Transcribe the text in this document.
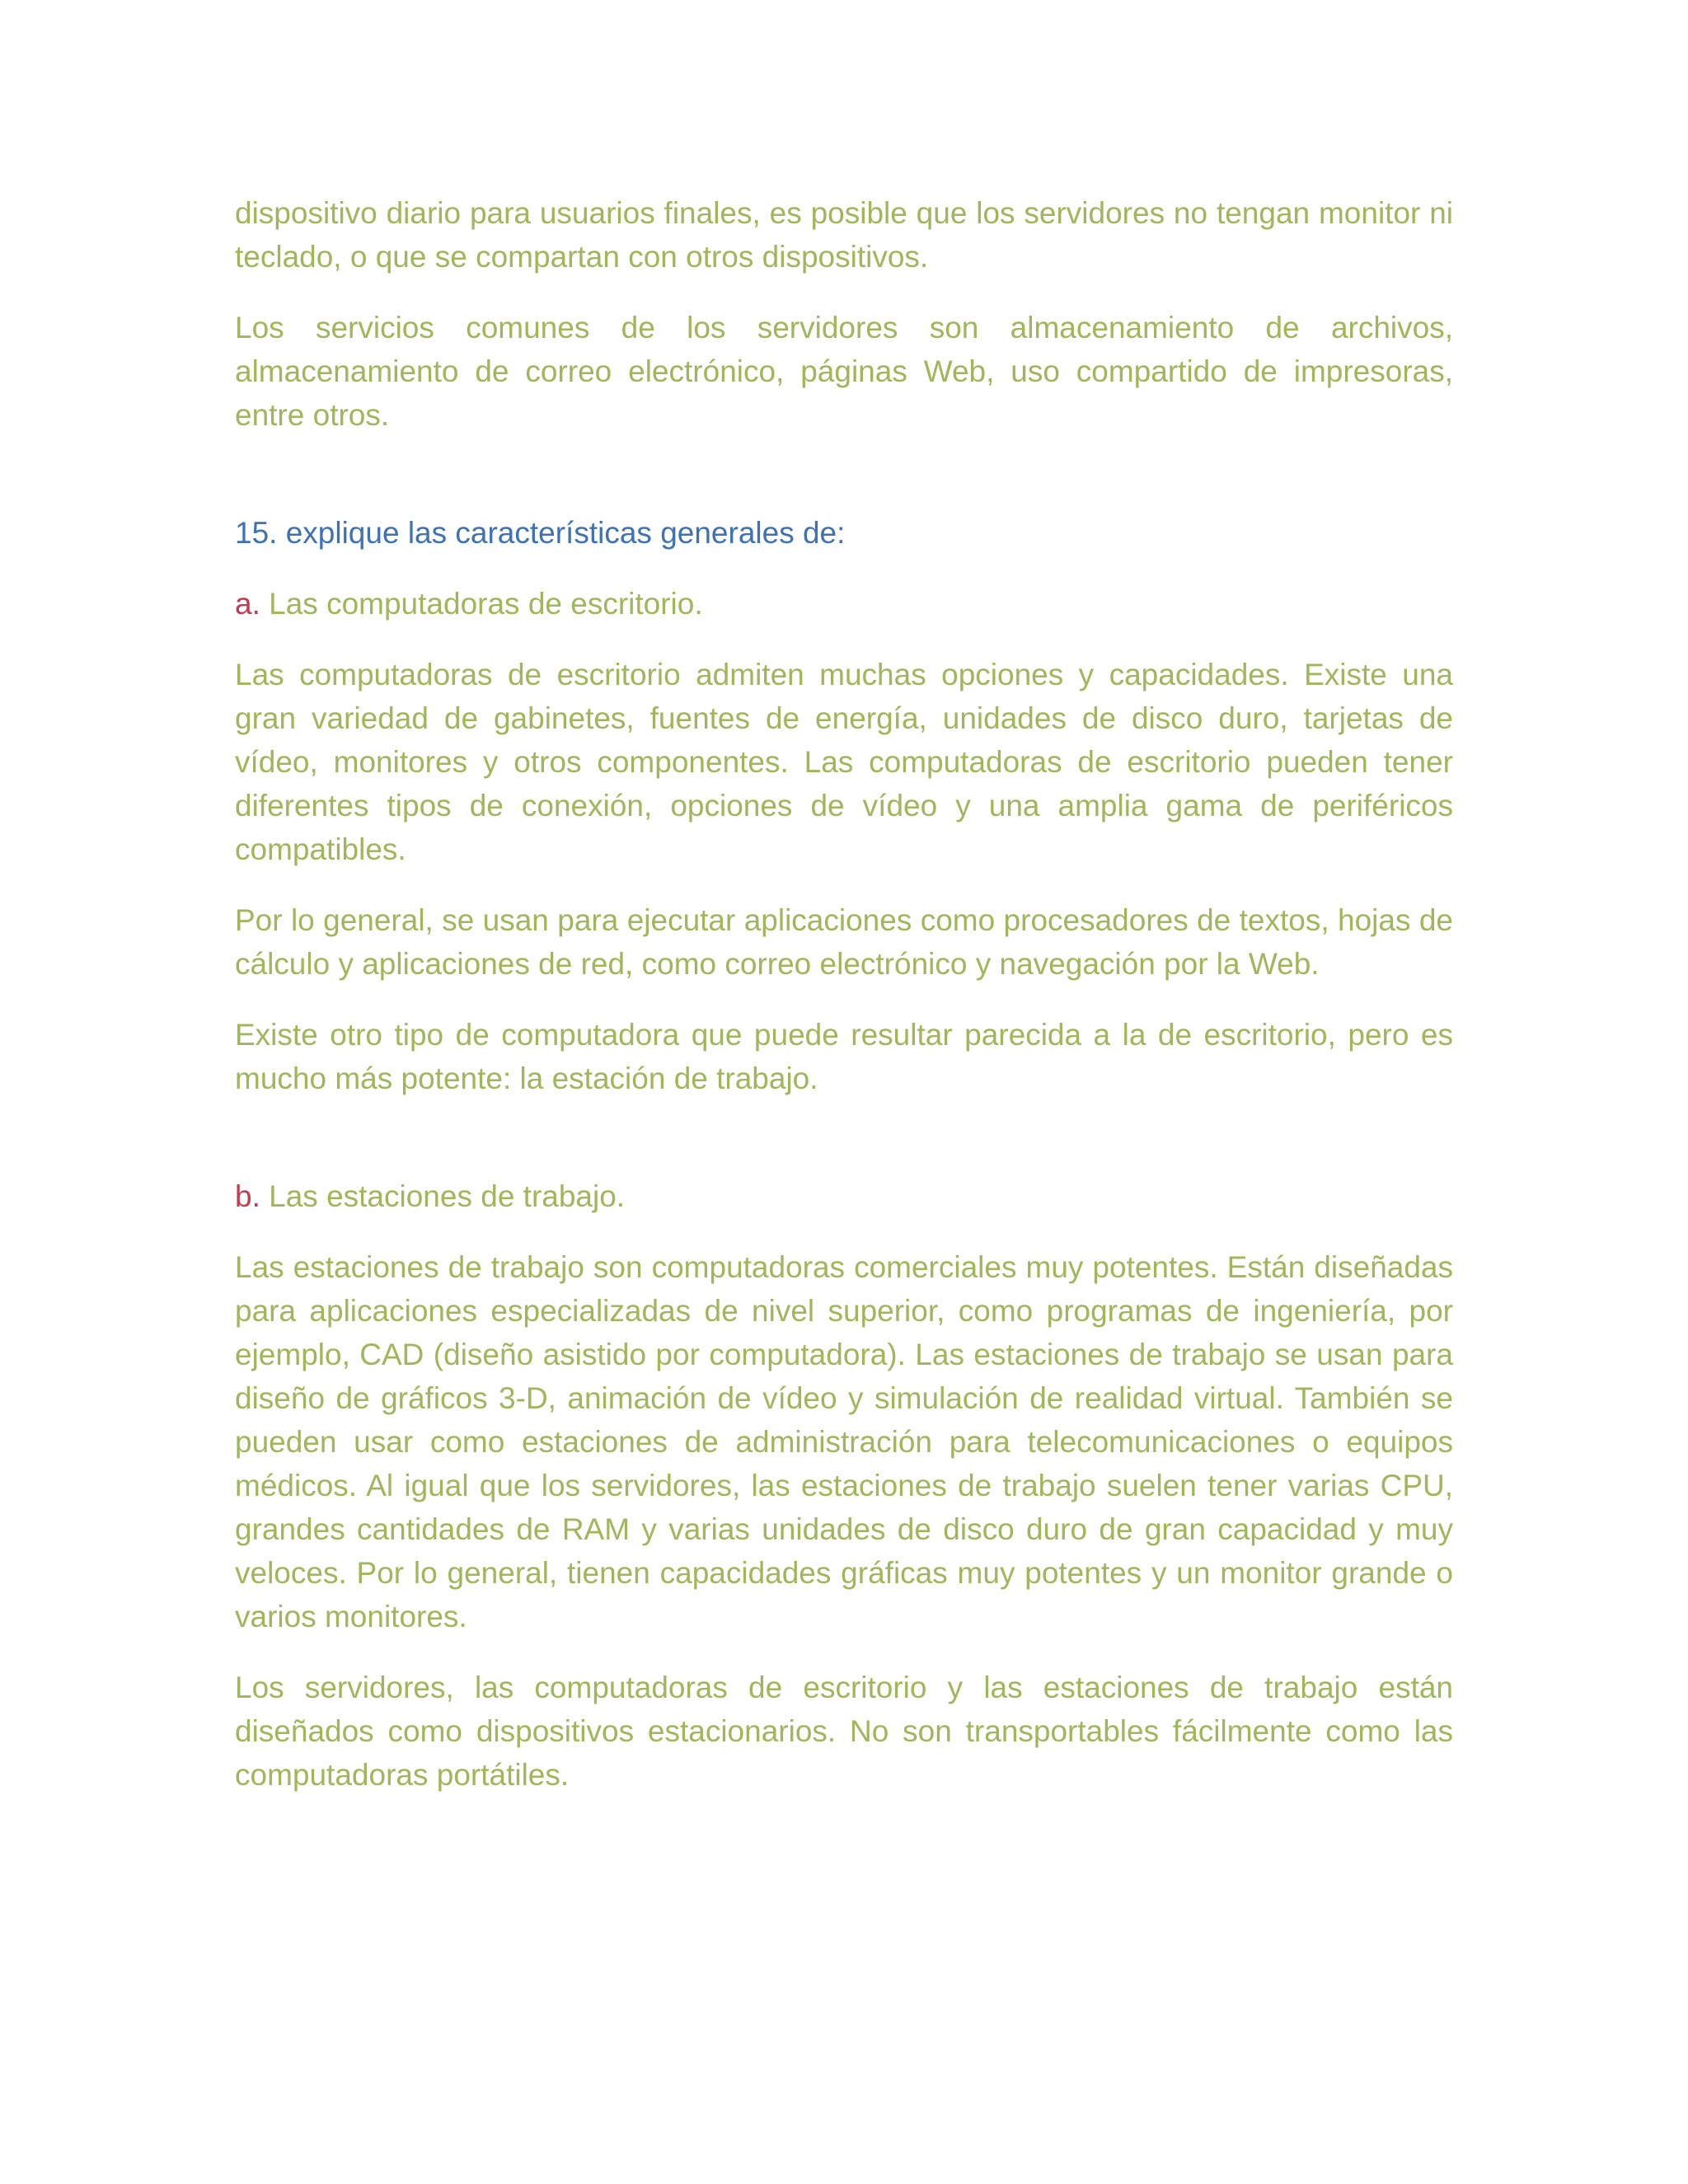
dispositivo diario para usuarios finales, es posible que los servidores no tengan monitor ni teclado, o que se compartan con otros dispositivos.

Los servicios comunes de los servidores son almacenamiento de archivos, almacenamiento de correo electrónico, páginas Web, uso compartido de impresoras, entre otros.

15. explique las características generales de:

a. Las computadoras de escritorio.

Las computadoras de escritorio admiten muchas opciones y capacidades. Existe una gran variedad de gabinetes, fuentes de energía, unidades de disco duro, tarjetas de vídeo, monitores y otros componentes. Las computadoras de escritorio pueden tener diferentes tipos de conexión, opciones de vídeo y una amplia gama de periféricos compatibles.

Por lo general, se usan para ejecutar aplicaciones como procesadores de textos, hojas de cálculo y aplicaciones de red, como correo electrónico y navegación por la Web.

Existe otro tipo de computadora que puede resultar parecida a la de escritorio, pero es mucho más potente: la estación de trabajo.

b. Las estaciones de trabajo.

Las estaciones de trabajo son computadoras comerciales muy potentes. Están diseñadas para aplicaciones especializadas de nivel superior, como programas de ingeniería, por ejemplo, CAD (diseño asistido por computadora). Las estaciones de trabajo se usan para diseño de gráficos 3-D, animación de vídeo y simulación de realidad virtual. También se pueden usar como estaciones de administración para telecomunicaciones o equipos médicos. Al igual que los servidores, las estaciones de trabajo suelen tener varias CPU, grandes cantidades de RAM y varias unidades de disco duro de gran capacidad y muy veloces. Por lo general, tienen capacidades gráficas muy potentes y un monitor grande o varios monitores.

Los servidores, las computadoras de escritorio y las estaciones de trabajo están diseñados como dispositivos estacionarios. No son transportables fácilmente como las computadoras portátiles.
